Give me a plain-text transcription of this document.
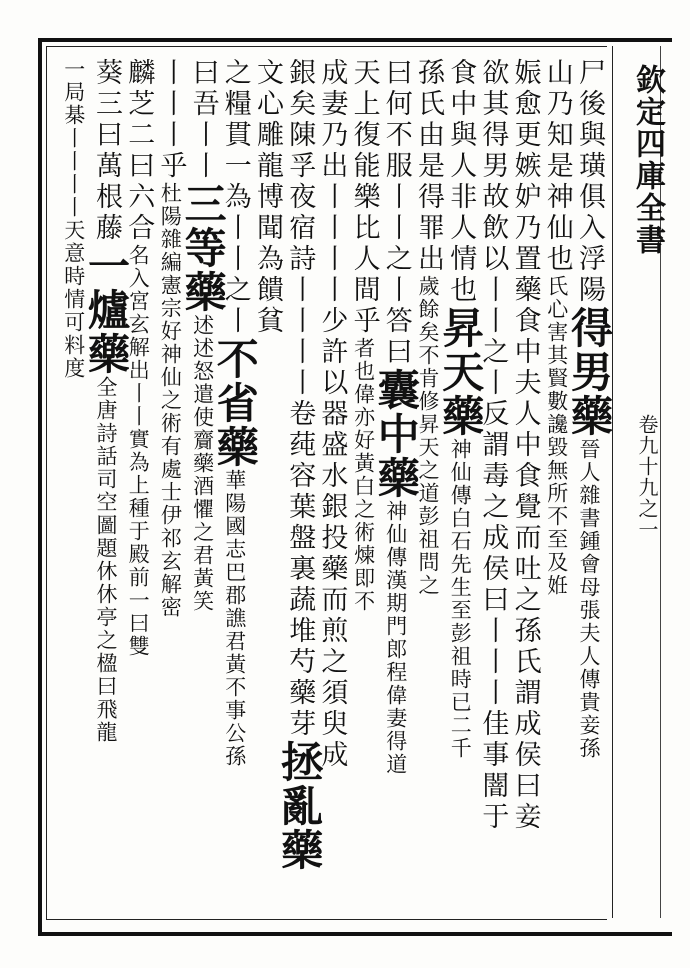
欽定四庫全書
卷九十九之一
尸後與璜俱入浮陽得男藥晉人雜書鍾會母張夫人傳貴妾孫
山乃知是神仙也氏心害其賢數讒毀無所不至及姙
娠愈更嫉妒乃置藥食中夫人中食覺而吐之孫氏謂成侯曰妾
欲其得男故飲以丨丨之丨反謂毒之成侯曰丨丨丨佳事闇于
食中與人非人情也昇天藥神仙傳白石先生至彭祖時已二千
孫氏由是得罪出歲餘矣不肯修昇天之道彭祖問之
曰何不服丨丨之丨答曰囊中藥神仙傳漢期門郎程偉妻得道
天上復能樂比人間乎者也偉亦好黃白之術煉即不
成妻乃出丨丨丨丨少許以器盛水銀投藥而煎之須臾成
銀矣陳孚夜宿詩丨丨丨丨卷莼容葉盤裏蔬堆芍藥芽拯亂藥
文心雕龍博聞為饋貧
之糧貫一為丨丨之丨不省藥華陽國志巴郡譙君黃不事公孫
曰吾丨丨三等藥述述怒遣使齎藥酒懼之君黃笑
丨丨丨乎杜陽雜編憲宗好神仙之術有處士伊祁玄解密
麟芝二曰六合名入宮玄解出丨丨實為上種于殿前一曰雙
葵三曰萬根藤一爐藥全唐詩話司空圖題休休亭之楹曰飛龍
一局棊丨丨丨丨天意時情可料度
